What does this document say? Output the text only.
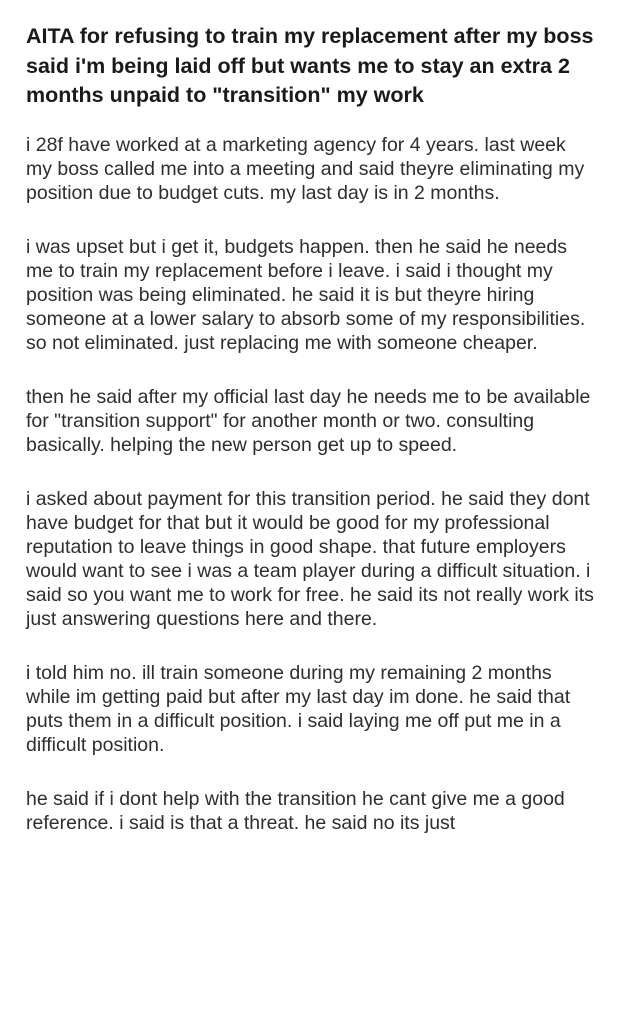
AITA for refusing to train my replacement after my boss said i'm being laid off but wants me to stay an extra 2 months unpaid to "transition" my work

i 28f have worked at a marketing agency for 4 years. last week my boss called me into a meeting and said theyre eliminating my position due to budget cuts. my last day is in 2 months.

i was upset but i get it, budgets happen. then he said he needs me to train my replacement before i leave. i said i thought my position was being eliminated. he said it is but theyre hiring someone at a lower salary to absorb some of my responsibilities. so not eliminated. just replacing me with someone cheaper.

then he said after my official last day he needs me to be available for "transition support" for another month or two. consulting basically. helping the new person get up to speed.

i asked about payment for this transition period. he said they dont have budget for that but it would be good for my professional reputation to leave things in good shape. that future employers would want to see i was a team player during a difficult situation. i said so you want me to work for free. he said its not really work its just answering questions here and there.

i told him no. ill train someone during my remaining 2 months while im getting paid but after my last day im done. he said that puts them in a difficult position. i said laying me off put me in a difficult position.

he said if i dont help with the transition he cant give me a good reference. i said is that a threat. he said no its just
